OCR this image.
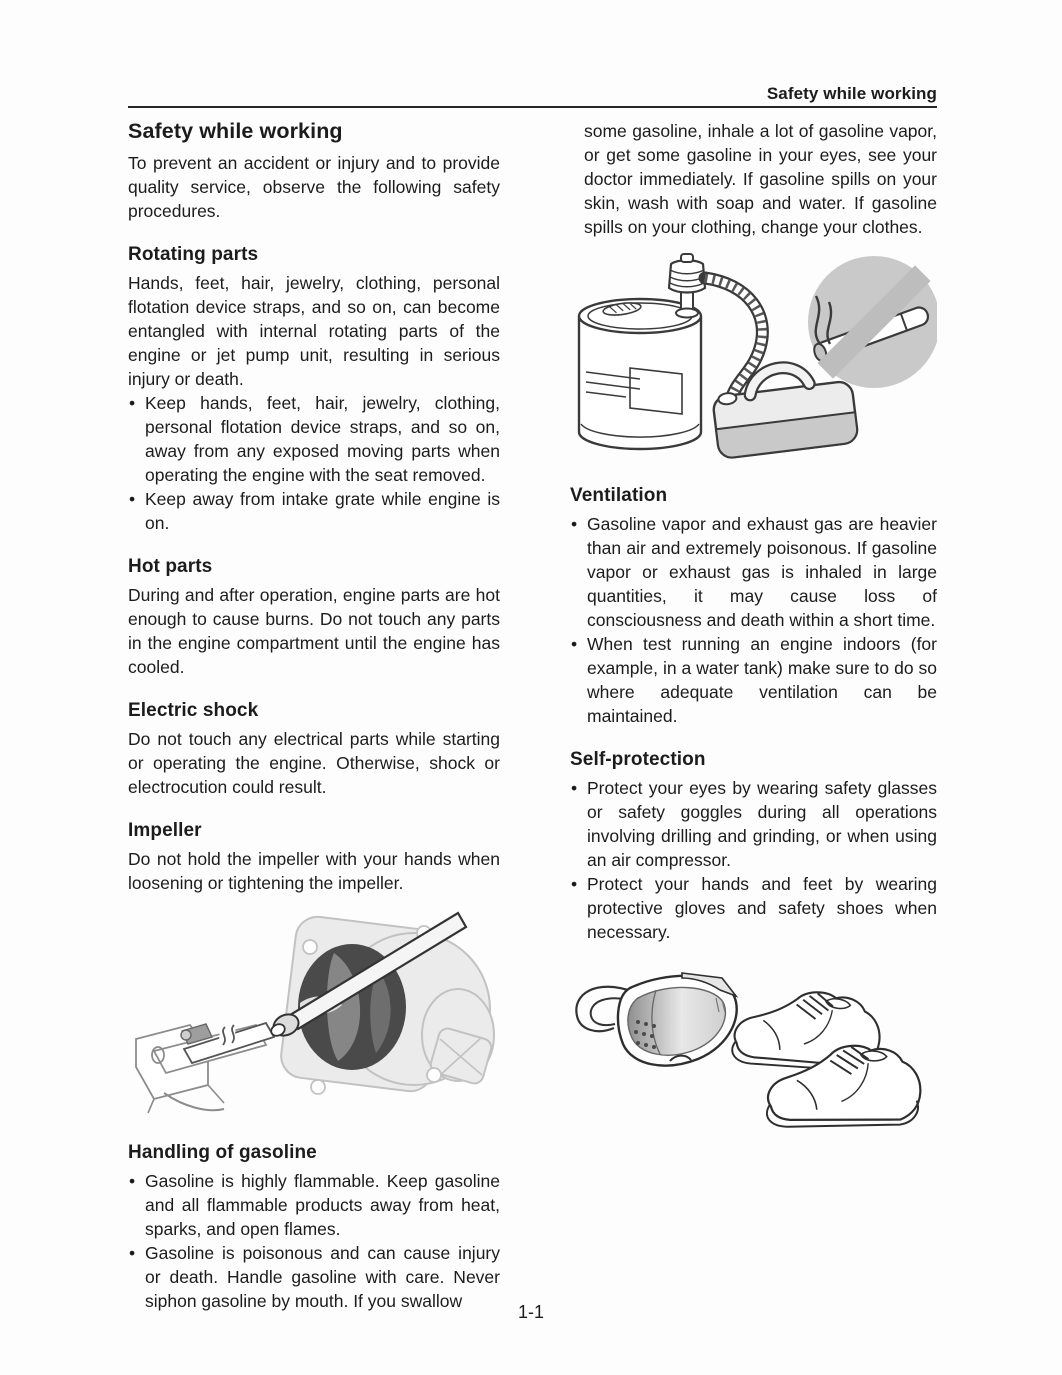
Safety while working
Safety while working

To prevent an accident or injury and to provide quality service, observe the following safety procedures.

Rotating parts

Hands, feet, hair, jewelry, clothing, personal flotation device straps, and so on, can become entangled with internal rotating parts of the engine or jet pump unit, resulting in serious injury or death.

• Keep hands, feet, hair, jewelry, clothing, personal flotation device straps, and so on, away from any exposed moving parts when operating the engine with the seat removed.
• Keep away from intake grate while engine is on.
Hot parts

During and after operation, engine parts are hot enough to cause burns. Do not touch any parts in the engine compartment until the engine has cooled.

Electric shock

Do not touch any electrical parts while starting or operating the engine. Otherwise, shock or electrocution could result.

Impeller

Do not hold the impeller with your hands when loosening or tightening the impeller.

Handling of gasoline
• Gasoline is highly flammable. Keep gasoline and all flammable products away from heat, sparks, and open flames.
• Gasoline is poisonous and can cause injury or death. Handle gasoline with care. Never siphon gasoline by mouth. If you swallow

some gasoline, inhale a lot of gasoline vapor, or get some gasoline in your eyes, see your doctor immediately. If gasoline spills on your skin, wash with soap and water. If gasoline spills on your clothing, change your clothes.

Ventilation
• Gasoline vapor and exhaust gas are heavier than air and extremely poisonous. If gasoline vapor or exhaust gas is inhaled in large quantities, it may cause loss of consciousness and death within a short time.
• When test running an engine indoors (for example, in a water tank) make sure to do so where adequate ventilation can be maintained.
Self-protection
• Protect your eyes by wearing safety glasses or safety goggles during all operations involving drilling and grinding, or when using an air compressor.
• Protect your hands and feet by wearing protective gloves and safety shoes when necessary.
1-1
